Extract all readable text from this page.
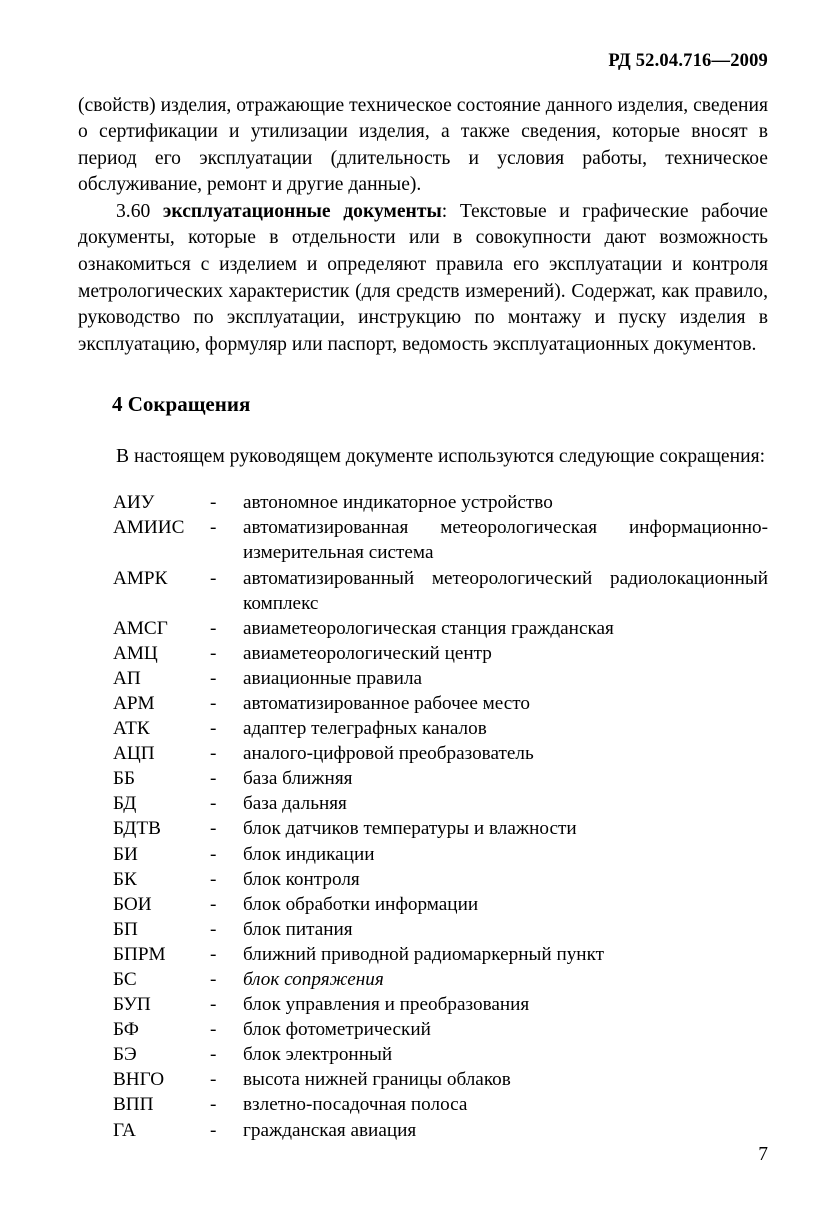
РД 52.04.716—2009

(свойств) изделия, отражающие техническое состояние данного изделия, сведения о сертификации и утилизации изделия, а также сведения, которые вносят в период его эксплуатации (длительность и условия работы, техническое обслуживание, ремонт и другие данные).

3.60 эксплуатационные документы: Текстовые и графические рабочие документы, которые в отдельности или в совокупности дают возможность ознакомиться с изделием и определяют правила его эксплуатации и контроля метрологических характеристик (для средств измерений). Содержат, как правило, руководство по эксплуатации, инструкцию по монтажу и пуску изделия в эксплуатацию, формуляр или паспорт, ведомость эксплуатационных документов.

4 Сокращения

В настоящем руководящем документе используются следующие сокращения:

АИУ	-	автономное индикаторное устройство
АМИИС	-	автоматизированная метеорологическая информационно-измерительная система
АМРК	-	автоматизированный метеорологический радиолокационный комплекс
АМСГ	-	авиаметеорологическая станция гражданская
АМЦ	-	авиаметеорологический центр
АП	-	авиационные правила
АРМ	-	автоматизированное рабочее место
АТК	-	адаптер телеграфных каналов
АЦП	-	аналого-цифровой преобразователь
ББ	-	база ближняя
БД	-	база дальняя
БДТВ	-	блок датчиков температуры и влажности
БИ	-	блок индикации
БК	-	блок контроля
БОИ	-	блок обработки информации
БП	-	блок питания
БПРМ	-	ближний приводной радиомаркерный пункт
БС	-	блок сопряжения
БУП	-	блок управления и преобразования
БФ	-	блок фотометрический
БЭ	-	блок электронный
ВНГО	-	высота нижней границы облаков
ВПП	-	взлетно-посадочная полоса
ГА	-	гражданская авиация
7
